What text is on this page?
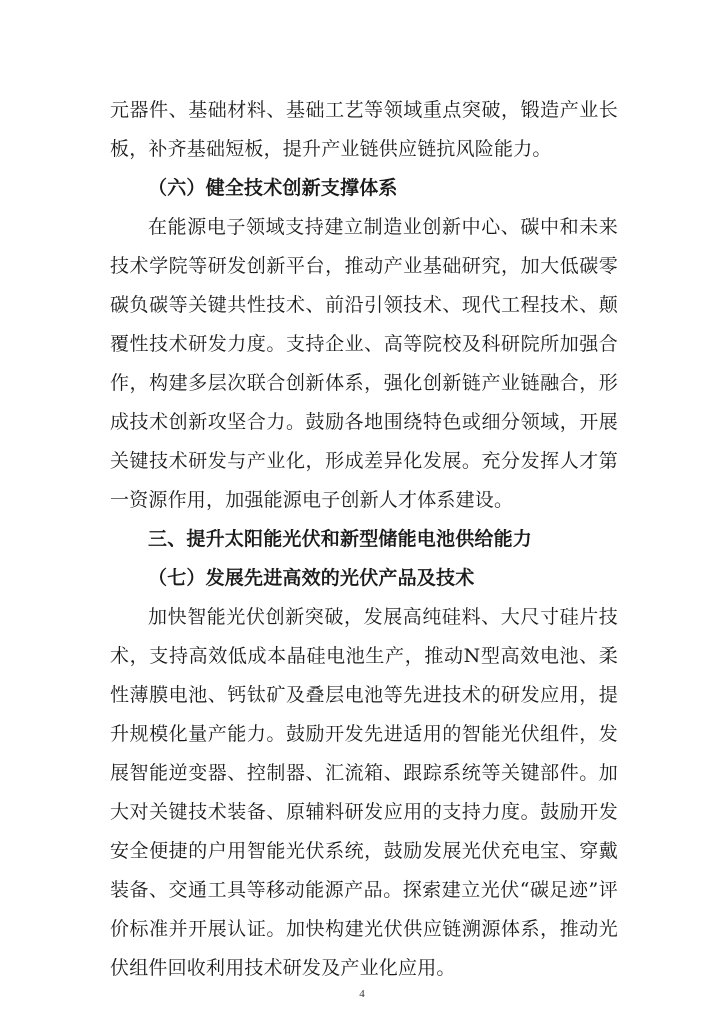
元器件、基础材料、基础工艺等领域重点突破，锻造产业长
板，补齐基础短板，提升产业链供应链抗风险能力。
（六）健全技术创新支撑体系
在能源电子领域支持建立制造业创新中心、碳中和未来
技术学院等研发创新平台，推动产业基础研究，加大低碳零
碳负碳等关键共性技术、前沿引领技术、现代工程技术、颠
覆性技术研发力度。支持企业、高等院校及科研院所加强合
作，构建多层次联合创新体系，强化创新链产业链融合，形
成技术创新攻坚合力。鼓励各地围绕特色或细分领域，开展
关键技术研发与产业化，形成差异化发展。充分发挥人才第
一资源作用，加强能源电子创新人才体系建设。
三、提升太阳能光伏和新型储能电池供给能力
（七）发展先进高效的光伏产品及技术
加快智能光伏创新突破，发展高纯硅料、大尺寸硅片技
术，支持高效低成本晶硅电池生产，推动N型高效电池、柔
性薄膜电池、钙钛矿及叠层电池等先进技术的研发应用，提
升规模化量产能力。鼓励开发先进适用的智能光伏组件，发
展智能逆变器、控制器、汇流箱、跟踪系统等关键部件。加
大对关键技术装备、原辅料研发应用的支持力度。鼓励开发
安全便捷的户用智能光伏系统，鼓励发展光伏充电宝、穿戴
装备、交通工具等移动能源产品。探索建立光伏“碳足迹”评
价标准并开展认证。加快构建光伏供应链溯源体系，推动光
伏组件回收利用技术研发及产业化应用。
4
